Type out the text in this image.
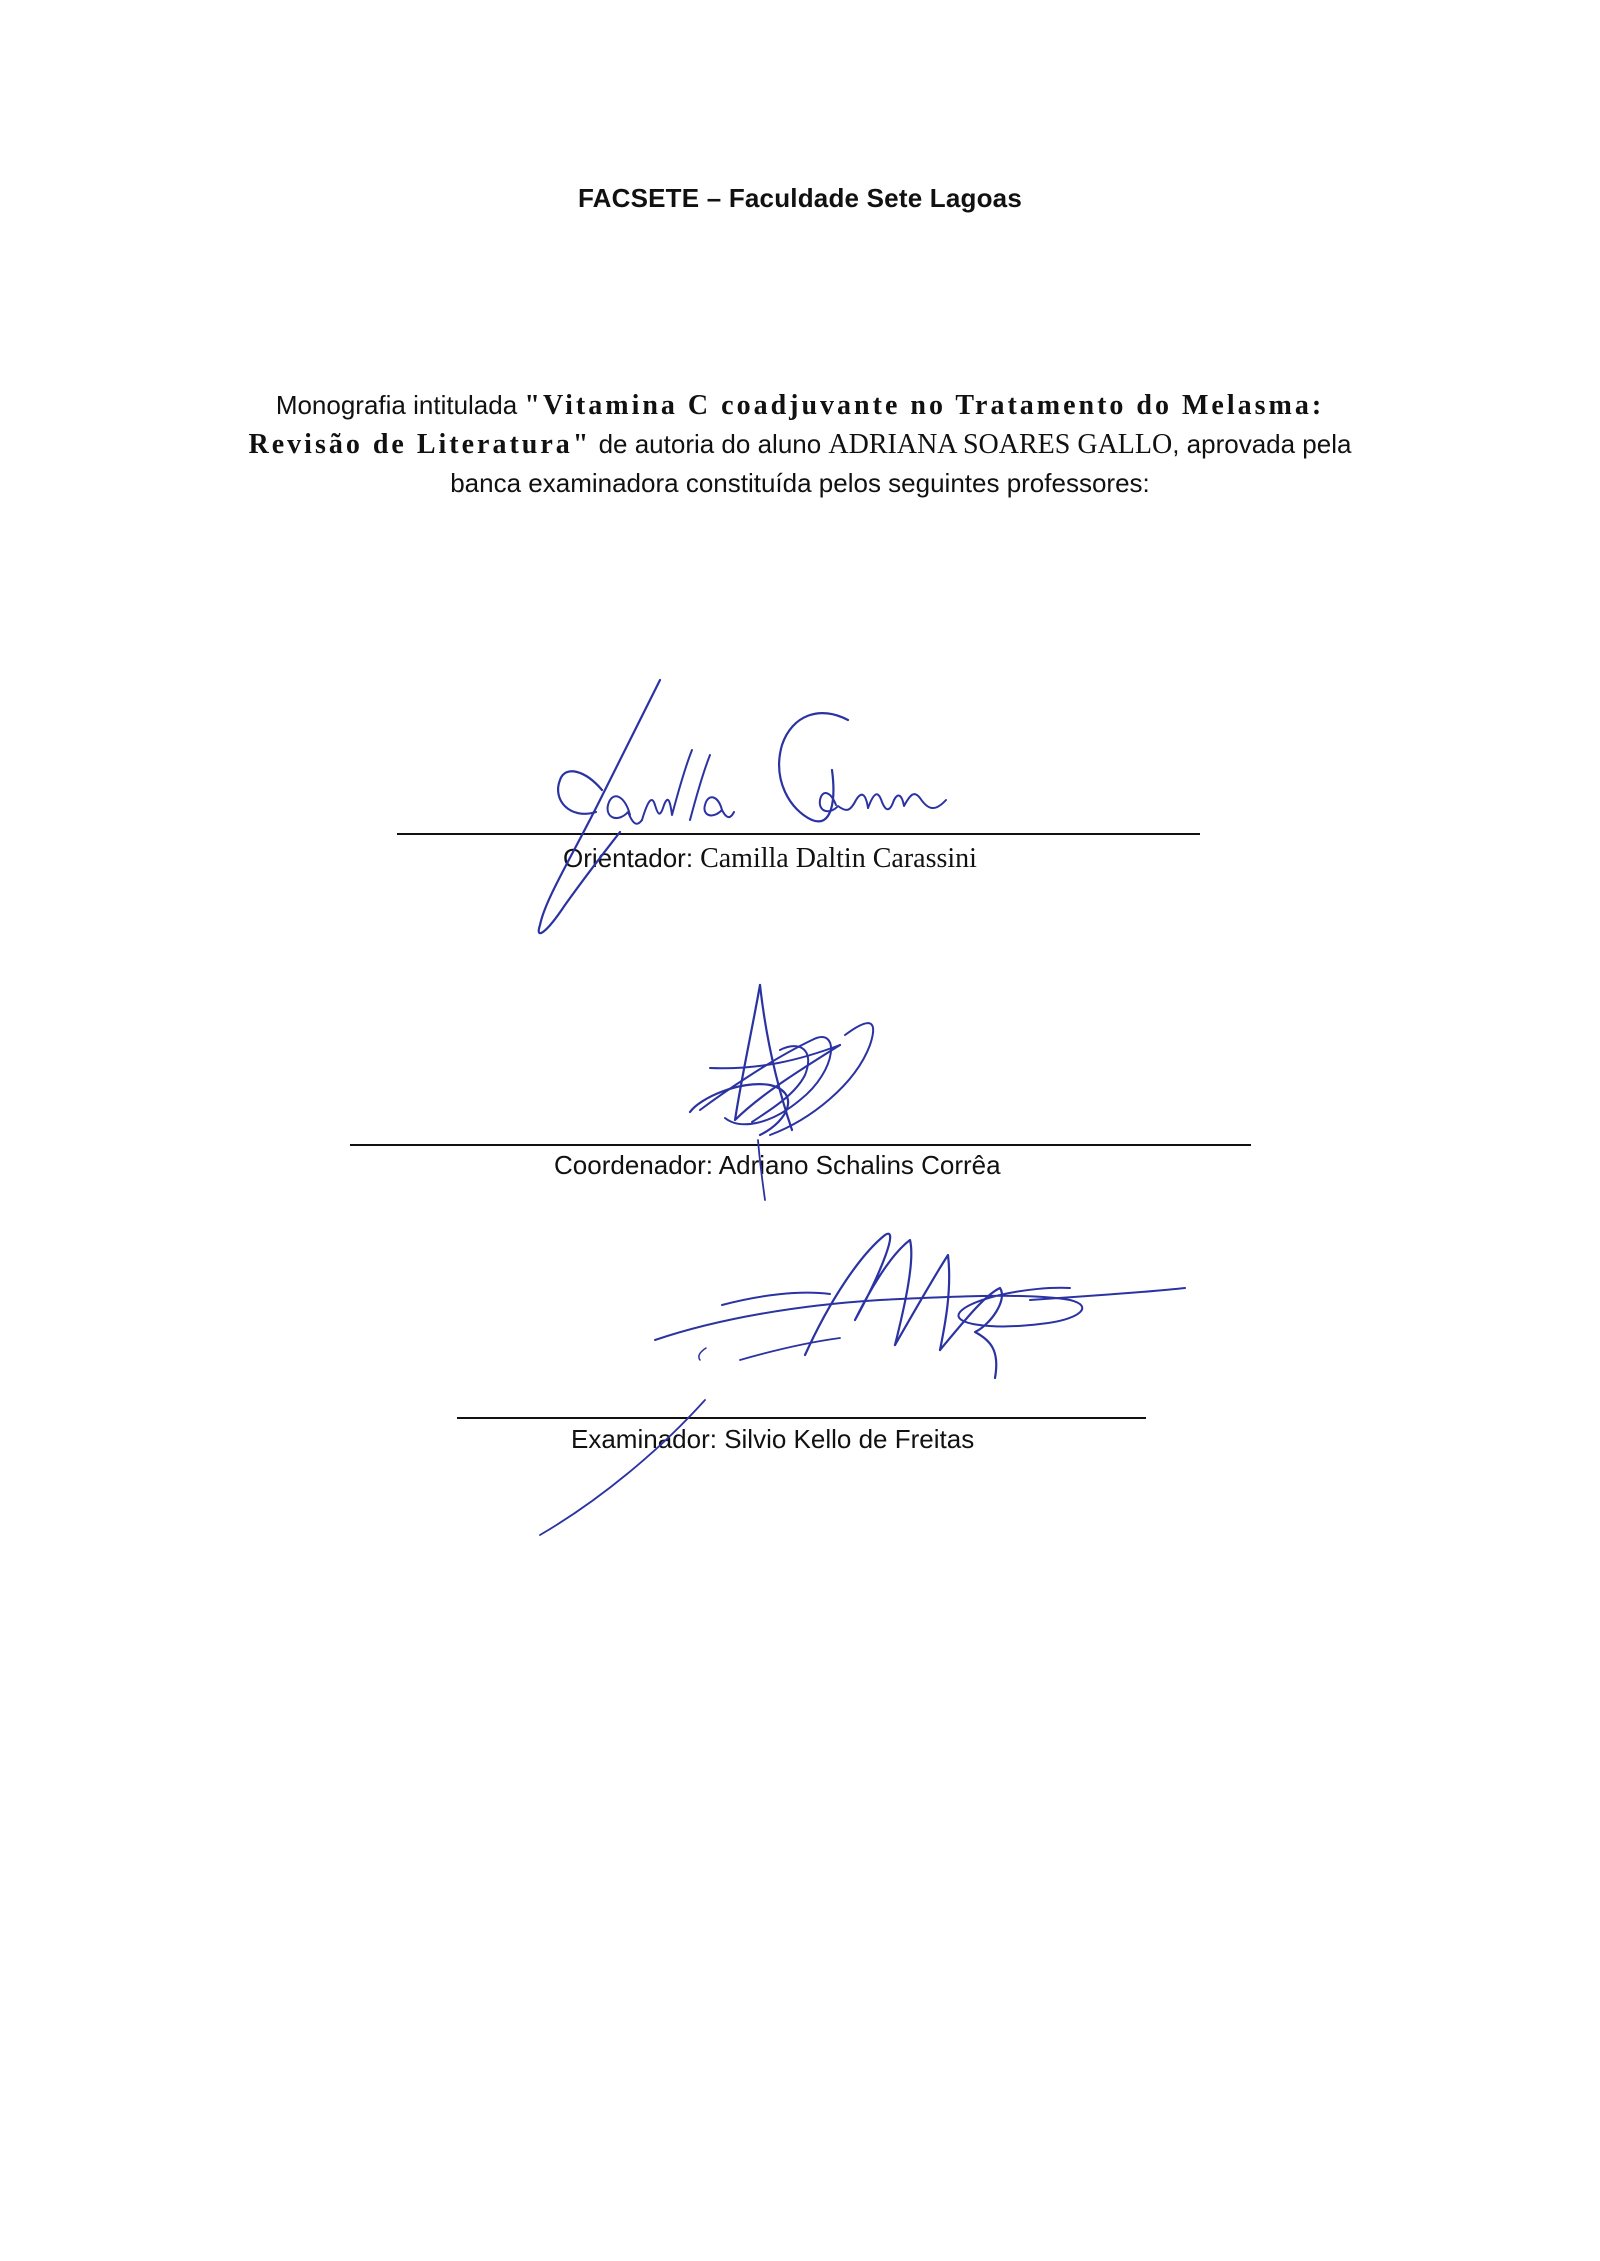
FACSETE – Faculdade Sete Lagoas

Monografia intitulada "Vitamina C coadjuvante no Tratamento do Melasma: Revisão de Literatura" de autoria do aluno ADRIANA SOARES GALLO, aprovada pela banca examinadora constituída pelos seguintes professores:

Orientador: Camilla Daltin Carassini

Coordenador: Adriano Schalins Corrêa

Examinador: Silvio Kello de Freitas
